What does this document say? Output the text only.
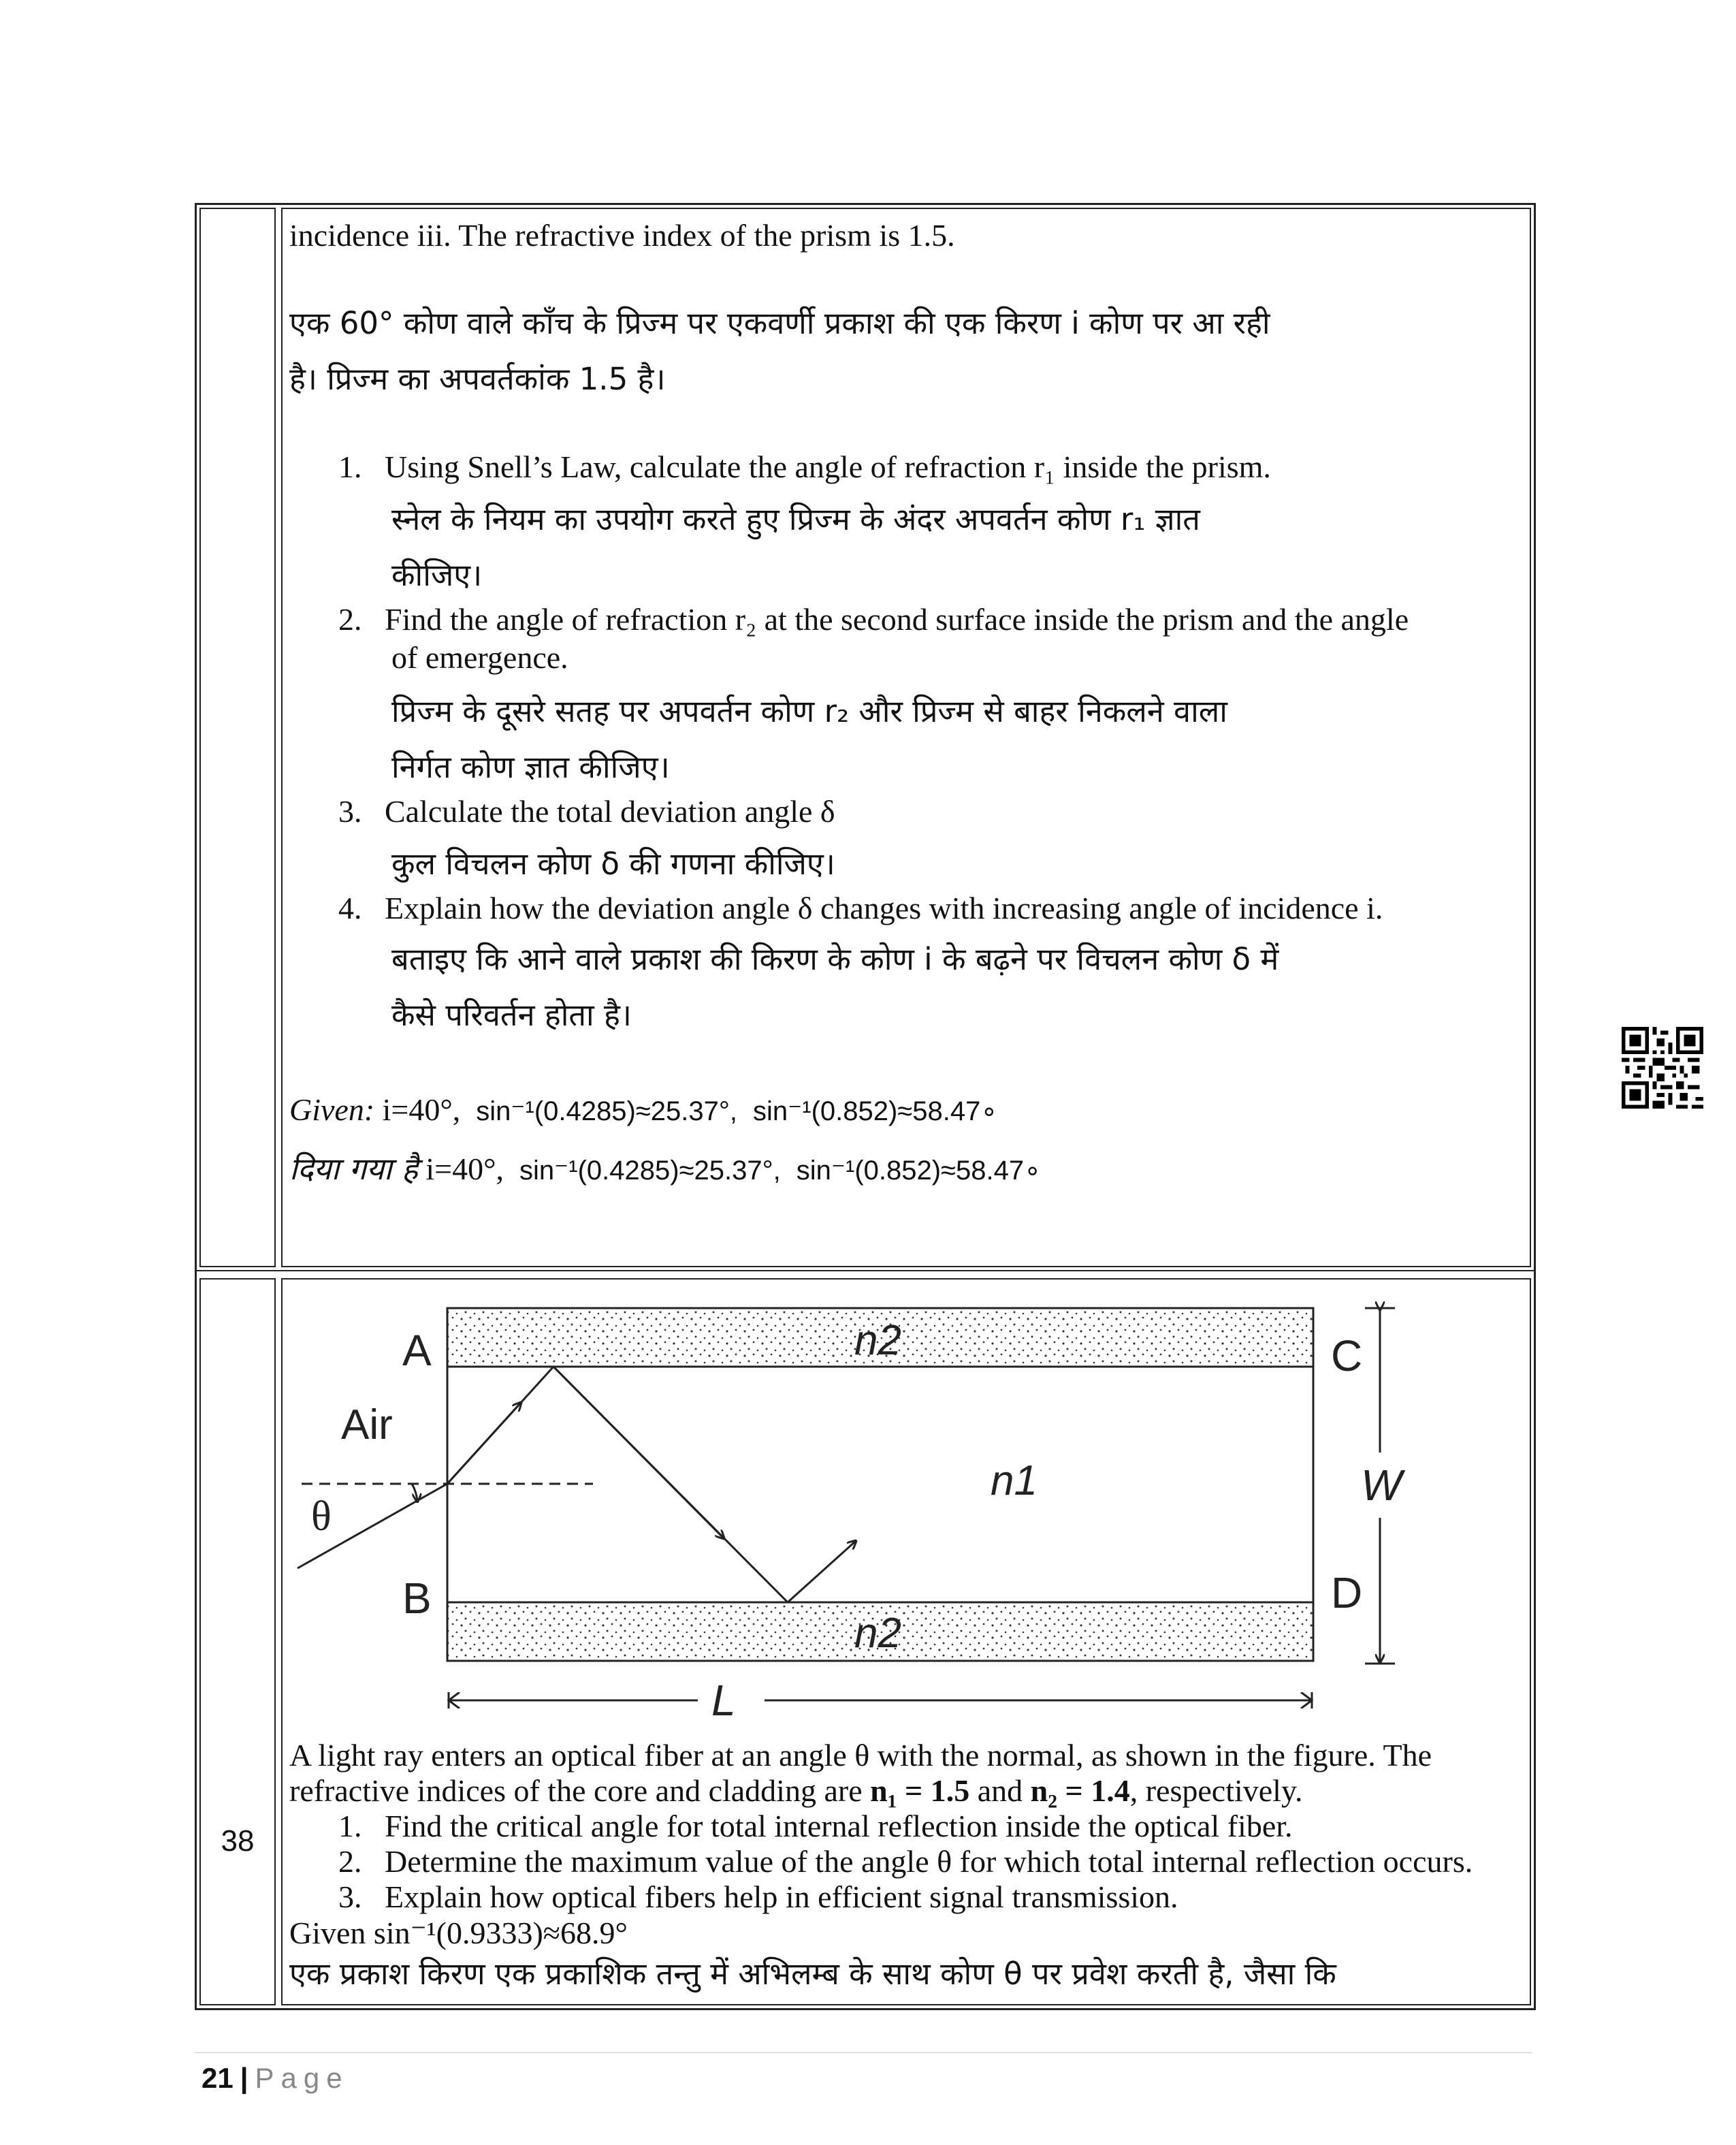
incidence iii. The refractive index of the prism is 1.5.
एक 60° कोण वाले काँच के प्रिज्म पर एकवर्णी प्रकाश की एक किरण i कोण पर आ रही
है। प्रिज्म का अपवर्तकांक 1.5 है।
1. Using Snell’s Law, calculate the angle of refraction r₁ inside the prism.
स्नेल के नियम का उपयोग करते हुए प्रिज्म के अंदर अपवर्तन कोण r₁ ज्ञात
कीजिए।
2. Find the angle of refraction r₂ at the second surface inside the prism and the angle
of emergence.
प्रिज्म के दूसरे सतह पर अपवर्तन कोण r₂ और प्रिज्म से बाहर निकलने वाला
निर्गत कोण ज्ञात कीजिए।
3. Calculate the total deviation angle δ
कुल विचलन कोण δ की गणना कीजिए।
4. Explain how the deviation angle δ changes with increasing angle of incidence i.
बताइए कि आने वाले प्रकाश की किरण के कोण i के बढ़ने पर विचलन कोण δ में
कैसे परिवर्तन होता है।
Given: i=40°, sin⁻¹(0.4285)≈25.37°, sin⁻¹(0.852)≈58.47∘
दिया गया है i=40°, sin⁻¹(0.4285)≈25.37°, sin⁻¹(0.852)≈58.47∘
38
A
Air
θ
B
C
D
W
L
n1
n2
n2
A light ray enters an optical fiber at an angle θ with the normal, as shown in the figure. The
refractive indices of the core and cladding are n₁ = 1.5 and n₂ = 1.4, respectively.
1. Find the critical angle for total internal reflection inside the optical fiber.
2. Determine the maximum value of the angle θ for which total internal reflection occurs.
3. Explain how optical fibers help in efficient signal transmission.
Given sin⁻¹(0.9333)≈68.9°
एक प्रकाश किरण एक प्रकाशिक तन्तु में अभिलम्ब के साथ कोण θ पर प्रवेश करती है, जैसा कि
21 | Page
